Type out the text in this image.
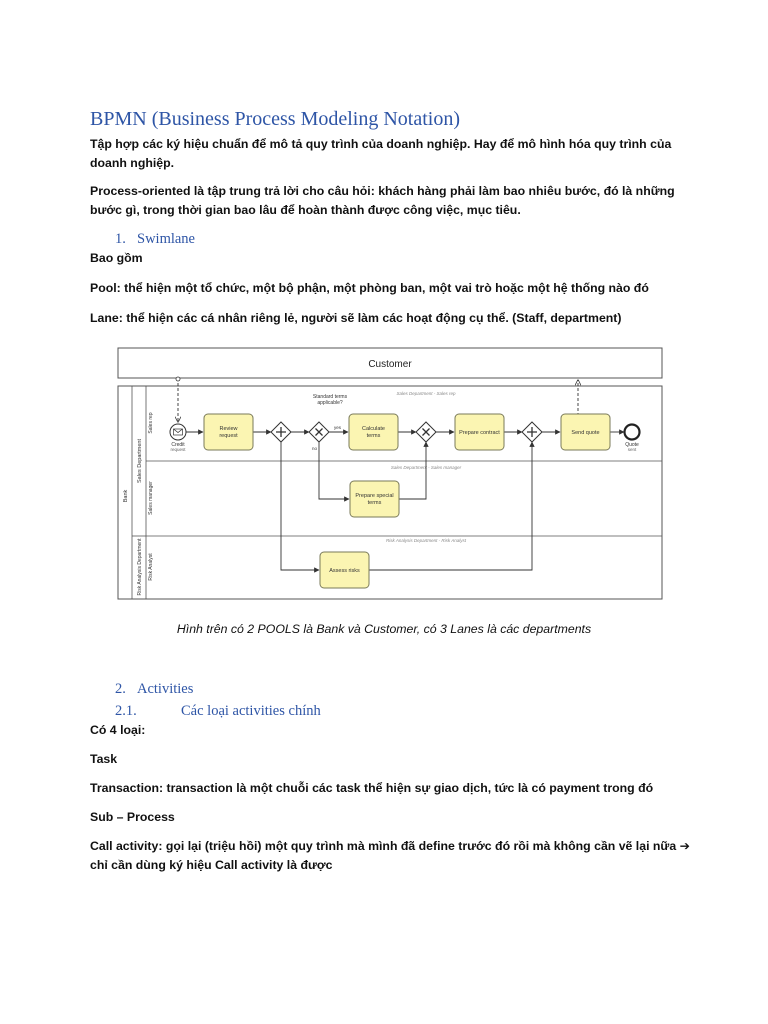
BPMN (Business Process Modeling Notation)
Tập hợp các ký hiệu chuẩn để mô tả quy trình của doanh nghiệp. Hay để mô hình hóa quy trình của doanh nghiệp.
Process-oriented là tập trung trả lời cho câu hỏi: khách hàng phải làm bao nhiêu bước, đó là những bước gì, trong thời gian bao lâu để hoàn thành được công việc, mục tiêu.
1. Swimlane
Bao gồm
Pool: thể hiện một tổ chức, một bộ phận, một phòng ban, một vai trò hoặc một hệ thống nào đó
Lane: thể hiện các cá nhân riêng lẻ, người sẽ làm các hoạt động cụ thể. (Staff, department)
Customer
Bank
Sales Department
Risk Analysis Department
Sales rep
Sales manager
Risk Analyst
Sales Department - Sales rep
Sales Department - Sales manager
Risk Analysis Department - Risk Analyst
Credit
request
Review
request
Calculate
terms	Prepare contract	Send quote
Prepare special
terms
Assess risks
Standard terms
applicable?
yes
no
Quote
sent
Hình trên có 2 POOLS là Bank và Customer, có 3 Lanes là các departments
2. Activities
2.1.	Các loại activities chính
Có 4 loại:
Task
Transaction: transaction là một chuỗi các task thể hiện sự giao dịch, tức là có payment trong đó
Sub – Process
Call activity: gọi lại (triệu hồi) một quy trình mà mình đã define trước đó rồi mà không cần vẽ lại nữa ➔
chỉ cần dùng ký hiệu Call activity là được
